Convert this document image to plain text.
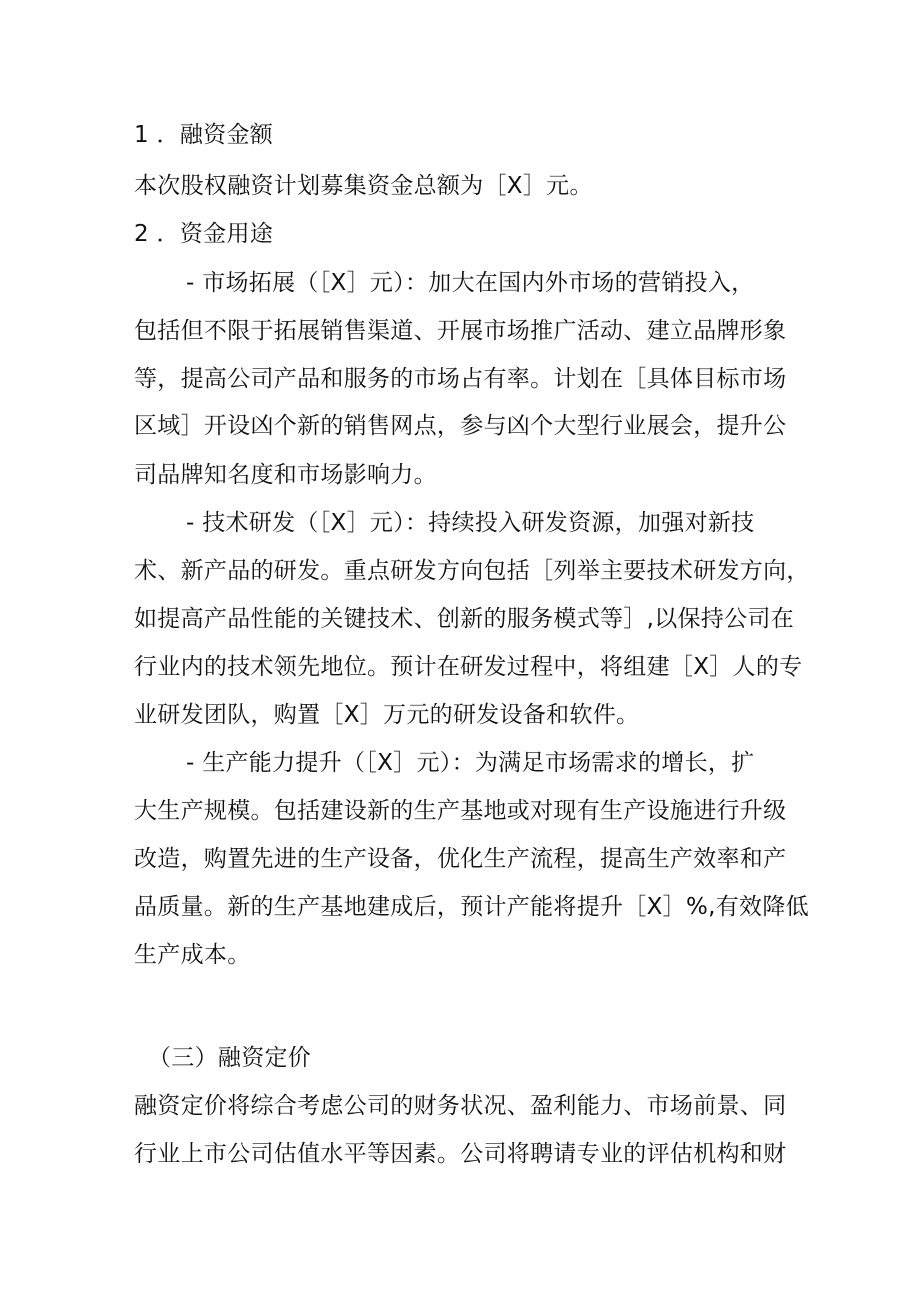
1 ．融资金额
本次股权融资计划募集资金总额为［X］元。
2 ．资金用途
- 市场拓展（［X］元）：加大在国内外市场的营销投入，
包括但不限于拓展销售渠道、开展市场推广活动、建立品牌形象
等，提高公司产品和服务的市场占有率。计划在［具体目标市场
区域］开设凶个新的销售网点，参与凶个大型行业展会，提升公
司品牌知名度和市场影响力。
- 技术研发（［X］元）：持续投入研发资源，加强对新技
术、新产品的研发。重点研发方向包括［列举主要技术研发方向，
如提高产品性能的关键技术、创新的服务模式等］,以保持公司在
行业内的技术领先地位。预计在研发过程中，将组建［X］人的专
业研发团队，购置［X］万元的研发设备和软件。
- 生产能力提升（［X］元）：为满足市场需求的增长，扩
大生产规模。包括建设新的生产基地或对现有生产设施进行升级
改造，购置先进的生产设备，优化生产流程，提高生产效率和产
品质量。新的生产基地建成后，预计产能将提升［X］%,有效降低
生产成本。
（三）融资定价
融资定价将综合考虑公司的财务状况、盈利能力、市场前景、同
行业上市公司估值水平等因素。公司将聘请专业的评估机构和财
